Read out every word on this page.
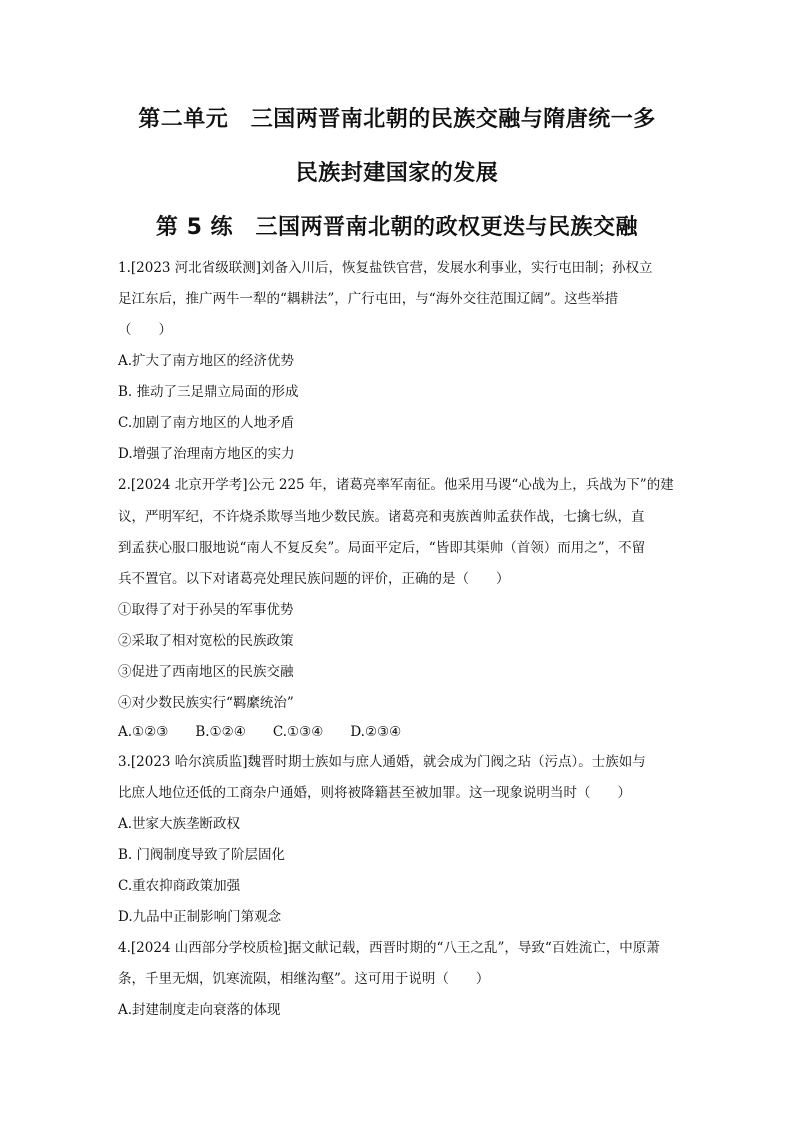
第二单元　三国两晋南北朝的民族交融与隋唐统一多
民族封建国家的发展
第 5 练　三国两晋南北朝的政权更迭与民族交融
1.[2023 河北省级联测]刘备入川后，恢复盐铁官营，发展水利事业，实行屯田制；孙权立
足江东后，推广两牛一犁的“耦耕法”，广行屯田，与“海外交往范围辽阔”。这些举措
（　　）
A.扩大了南方地区的经济优势
B. 推动了三足鼎立局面的形成
C.加剧了南方地区的人地矛盾
D.增强了治理南方地区的实力
2.[2024 北京开学考]公元 225 年，诸葛亮率军南征。他采用马谡“心战为上，兵战为下”的建
议，严明军纪，不许烧杀欺辱当地少数民族。诸葛亮和夷族酋帅孟获作战，七擒七纵，直
到孟获心服口服地说“南人不复反矣”。局面平定后，“皆即其渠帅（首领）而用之”，不留
兵不置官。以下对诸葛亮处理民族问题的评价，正确的是（　　）
①取得了对于孙吴的军事优势
②采取了相对宽松的民族政策
③促进了西南地区的民族交融
④对少数民族实行“羁縻统治”
A.①②③　　B.①②④　　C.①③④　　D.②③④
3.[2023 哈尔滨质监]魏晋时期士族如与庶人通婚，就会成为门阀之玷（污点）。士族如与
比庶人地位还低的工商杂户通婚，则将被降籍甚至被加罪。这一现象说明当时（　　）
A.世家大族垄断政权
B. 门阀制度导致了阶层固化
C.重农抑商政策加强
D.九品中正制影响门第观念
4.[2024 山西部分学校质检]据文献记载，西晋时期的“八王之乱”，导致“百姓流亡，中原萧
条，千里无烟，饥寒流陨，相继沟壑”。这可用于说明（　　）
A.封建制度走向衰落的体现
